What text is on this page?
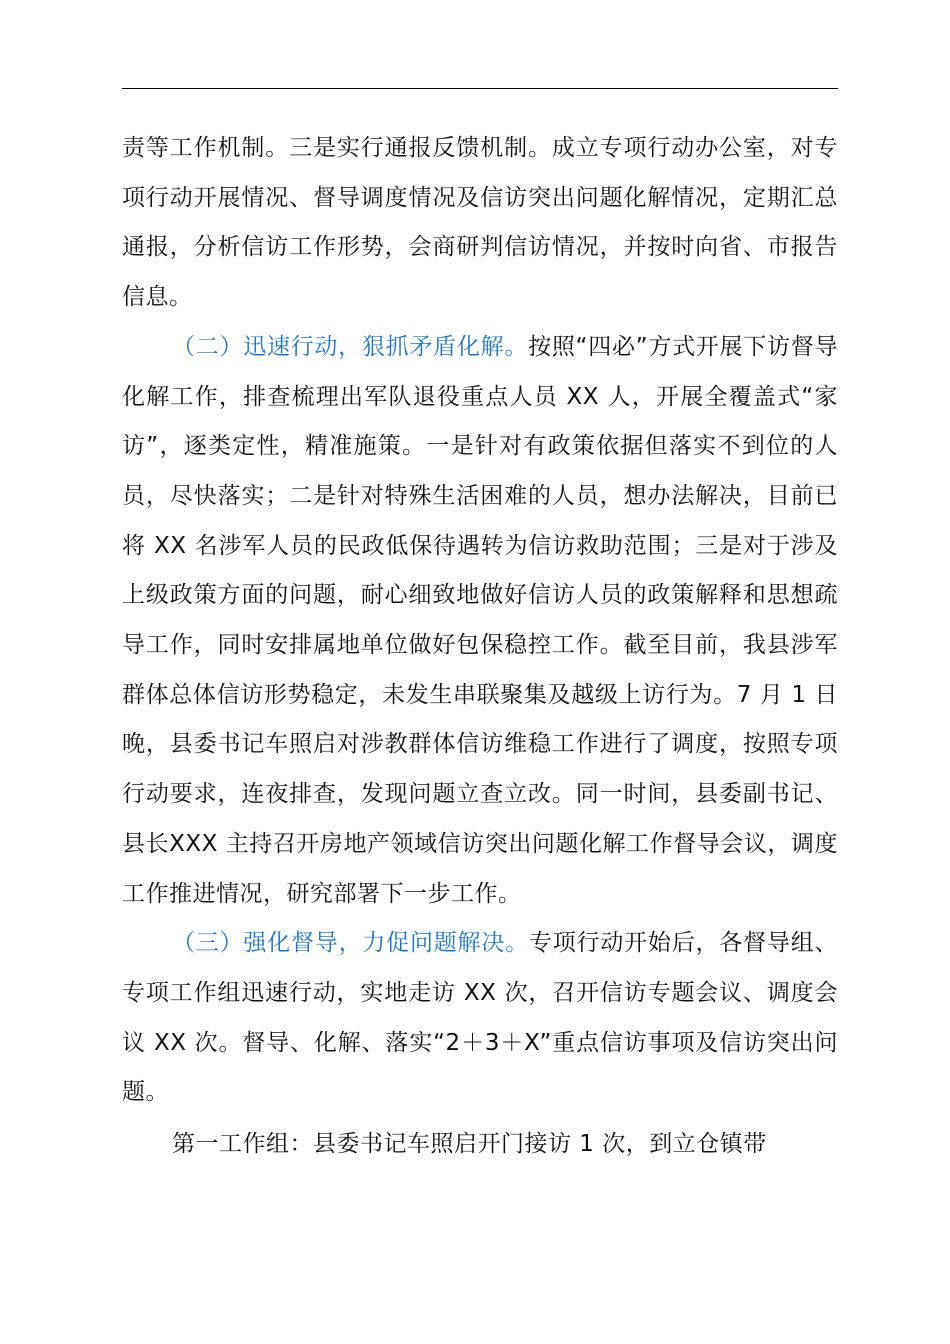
责等工作机制。三是实行通报反馈机制。成立专项行动办公室，对专项行动开展情况、督导调度情况及信访突出问题化解情况，定期汇总通报，分析信访工作形势，会商研判信访情况，并按时向省、市报告信息。

（二）迅速行动，狠抓矛盾化解。按照“四必”方式开展下访督导化解工作，排查梳理出军队退役重点人员 XX 人，开展全覆盖式“家访”，逐类定性，精准施策。一是针对有政策依据但落实不到位的人员，尽快落实；二是针对特殊生活困难的人员，想办法解决，目前已将 XX 名涉军人员的民政低保待遇转为信访救助范围；三是对于涉及上级政策方面的问题，耐心细致地做好信访人员的政策解释和思想疏导工作，同时安排属地单位做好包保稳控工作。截至目前，我县涉军群体总体信访形势稳定，未发生串联聚集及越级上访行为。7 月 1 日晚，县委书记车照启对涉教群体信访维稳工作进行了调度，按照专项行动要求，连夜排查，发现问题立查立改。同一时间，县委副书记、县长XXX 主持召开房地产领域信访突出问题化解工作督导会议，调度工作推进情况，研究部署下一步工作。

（三）强化督导，力促问题解决。专项行动开始后，各督导组、专项工作组迅速行动，实地走访 XX 次，召开信访专题会议、调度会议 XX 次。督导、化解、落实“2＋3＋X”重点信访事项及信访突出问题。

第一工作组：县委书记车照启开门接访 1 次，到立仓镇带
